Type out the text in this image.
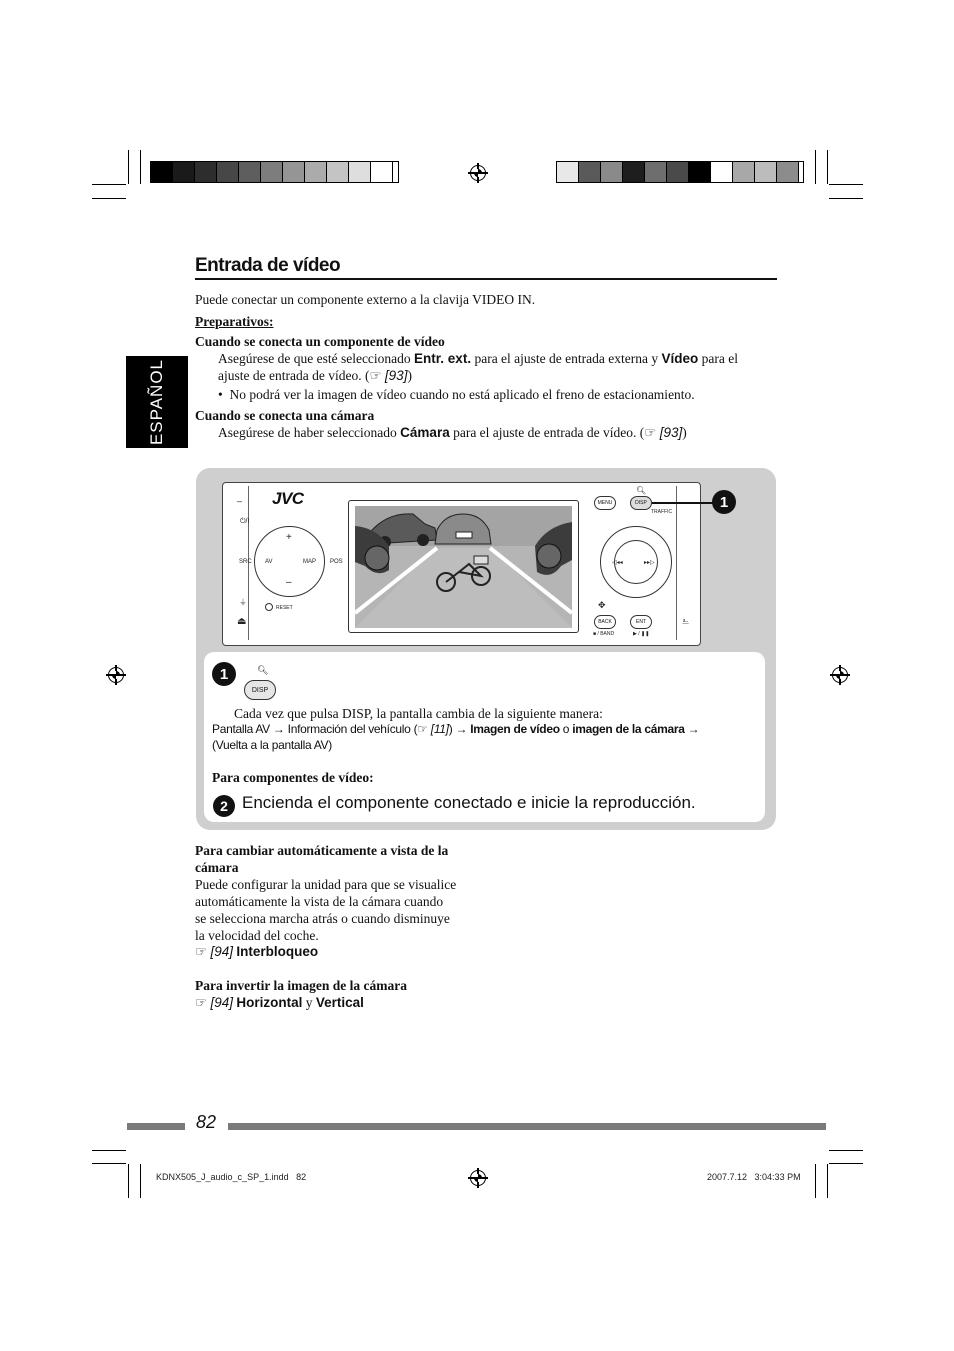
ESPAÑOL
Entrada de vídeo
Puede conectar un componente externo a la clavija VIDEO IN.
Preparativos:
Cuando se conecta un componente de vídeo
Asegúrese de que esté seleccionado Entr. ext. para el ajuste de entrada externa y Vídeo para el
ajuste de entrada de vídeo. (☞ [93])
• No podrá ver la imagen de vídeo cuando no está aplicado el freno de estacionamiento.
Cuando se conecta una cámara
Asegúrese de haber seleccionado Cámara para el ajuste de entrada de vídeo. (☞ [93])
JVC
–
⏻/I
SRC
⏚
⏏
+
–
AV	MAP POS
RESET
MENU
🔍︎
DISP
TRAFFIC
◁◂◂	▸▸▷
✥
BACK	ENT
■ / BAND	▶ / ❚❚
⎁
1
1	🔍︎
DISP
Cada vez que pulsa DISP, la pantalla cambia de la siguiente manera:
Pantalla AV → Información del vehículo (☞ [11]) → Imagen de vídeo o imagen de la cámara →
(Vuelta a la pantalla AV)
Para componentes de vídeo:
2 Encienda el componente conectado e inicie la reproducción.
Para cambiar automáticamente a vista de la
cámara
Puede configurar la unidad para que se visualice
automáticamente la vista de la cámara cuando
se selecciona marcha atrás o cuando disminuye
la velocidad del coche.
☞ [94] Interbloqueo
Para invertir la imagen de la cámara
☞ [94] Horizontal y Vertical
82
KDNX505_J_audio_c_SP_1.indd   82	2007.7.12   3:04:33 PM
